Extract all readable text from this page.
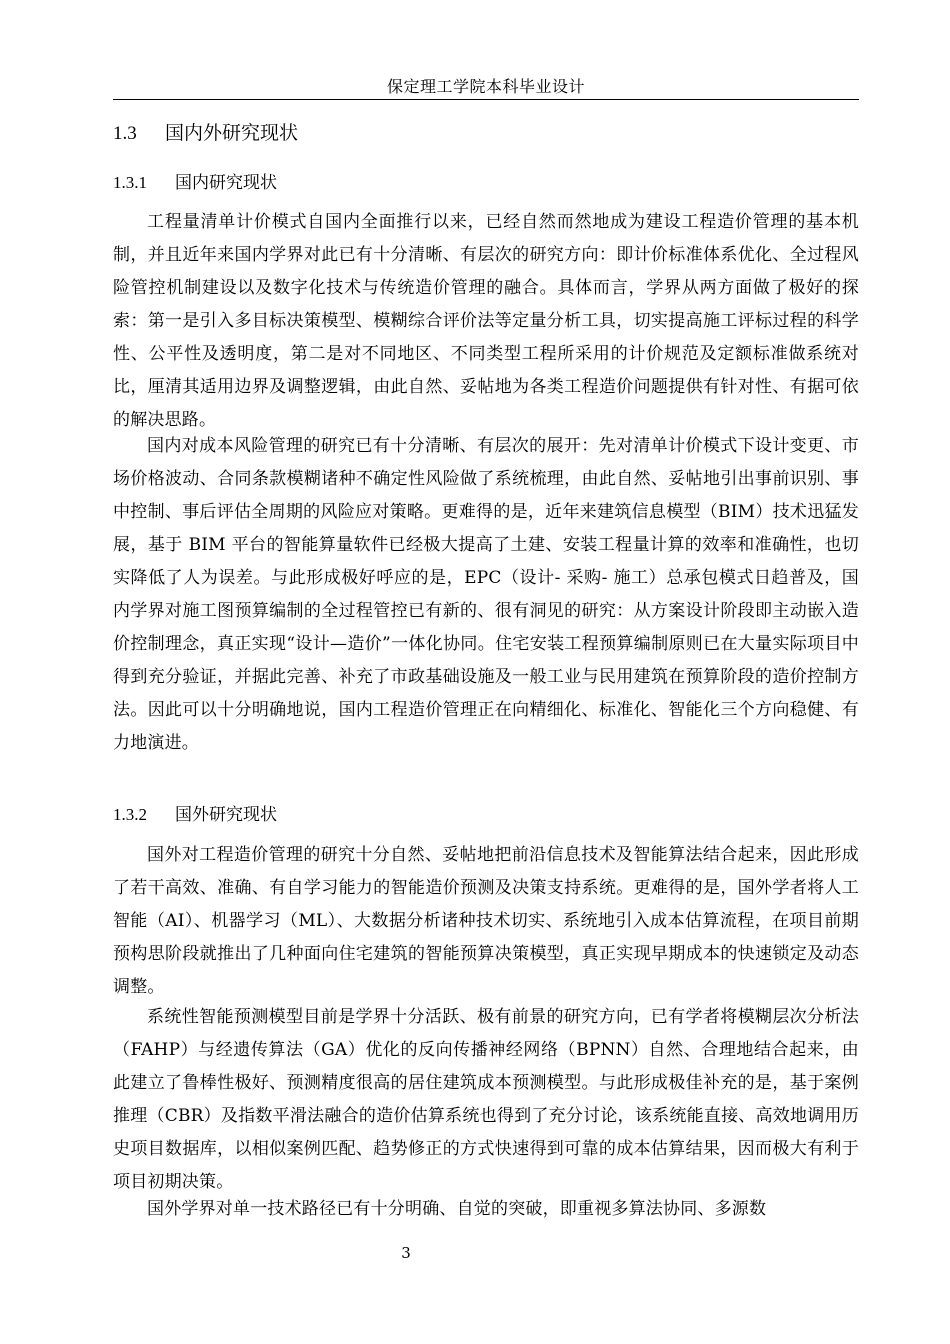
保定理工学院本科毕业设计
1.3 国内外研究现状
1.3.1 国内研究现状

工程量清单计价模式自国内全面推行以来，已经自然而然地成为建设工程造价管理的基本机制，并且近年来国内学界对此已有十分清晰、有层次的研究方向：即计价标准体系优化、全过程风险管控机制建设以及数字化技术与传统造价管理的融合。具体而言，学界从两方面做了极好的探索：第一是引入多目标决策模型、模糊综合评价法等定量分析工具，切实提高施工评标过程的科学性、公平性及透明度，第二是对不同地区、不同类型工程所采用的计价规范及定额标准做系统对比，厘清其适用边界及调整逻辑，由此自然、妥帖地为各类工程造价问题提供有针对性、有据可依的解决思路。

国内对成本风险管理的研究已有十分清晰、有层次的展开：先对清单计价模式下设计变更、市场价格波动、合同条款模糊诸种不确定性风险做了系统梳理，由此自然、妥帖地引出事前识别、事中控制、事后评估全周期的风险应对策略。更难得的是，近年来建筑信息模型（BIM）技术迅猛发展，基于 BIM 平台的智能算量软件已经极大提高了土建、安装工程量计算的效率和准确性，也切实降低了人为误差。与此形成极好呼应的是，EPC（设计- 采购- 施工）总承包模式日趋普及，国内学界对施工图预算编制的全过程管控已有新的、很有洞见的研究：从方案设计阶段即主动嵌入造价控制理念，真正实现“设计—造价”一体化协同。住宅安装工程预算编制原则已在大量实际项目中得到充分验证，并据此完善、补充了市政基础设施及一般工业与民用建筑在预算阶段的造价控制方法。因此可以十分明确地说，国内工程造价管理正在向精细化、标准化、智能化三个方向稳健、有力地演进。

1.3.2 国外研究现状

国外对工程造价管理的研究十分自然、妥帖地把前沿信息技术及智能算法结合起来，因此形成了若干高效、准确、有自学习能力的智能造价预测及决策支持系统。更难得的是，国外学者将人工智能（AI）、机器学习（ML）、大数据分析诸种技术切实、系统地引入成本估算流程，在项目前期预构思阶段就推出了几种面向住宅建筑的智能预算决策模型，真正实现早期成本的快速锁定及动态调整。

系统性智能预测模型目前是学界十分活跃、极有前景的研究方向，已有学者将模糊层次分析法（FAHP）与经遗传算法（GA）优化的反向传播神经网络（BPNN）自然、合理地结合起来，由此建立了鲁棒性极好、预测精度很高的居住建筑成本预测模型。与此形成极佳补充的是，基于案例推理（CBR）及指数平滑法融合的造价估算系统也得到了充分讨论，该系统能直接、高效地调用历史项目数据库，以相似案例匹配、趋势修正的方式快速得到可靠的成本估算结果，因而极大有利于项目初期决策。

国外学界对单一技术路径已有十分明确、自觉的突破，即重视多算法协同、多源数

3
